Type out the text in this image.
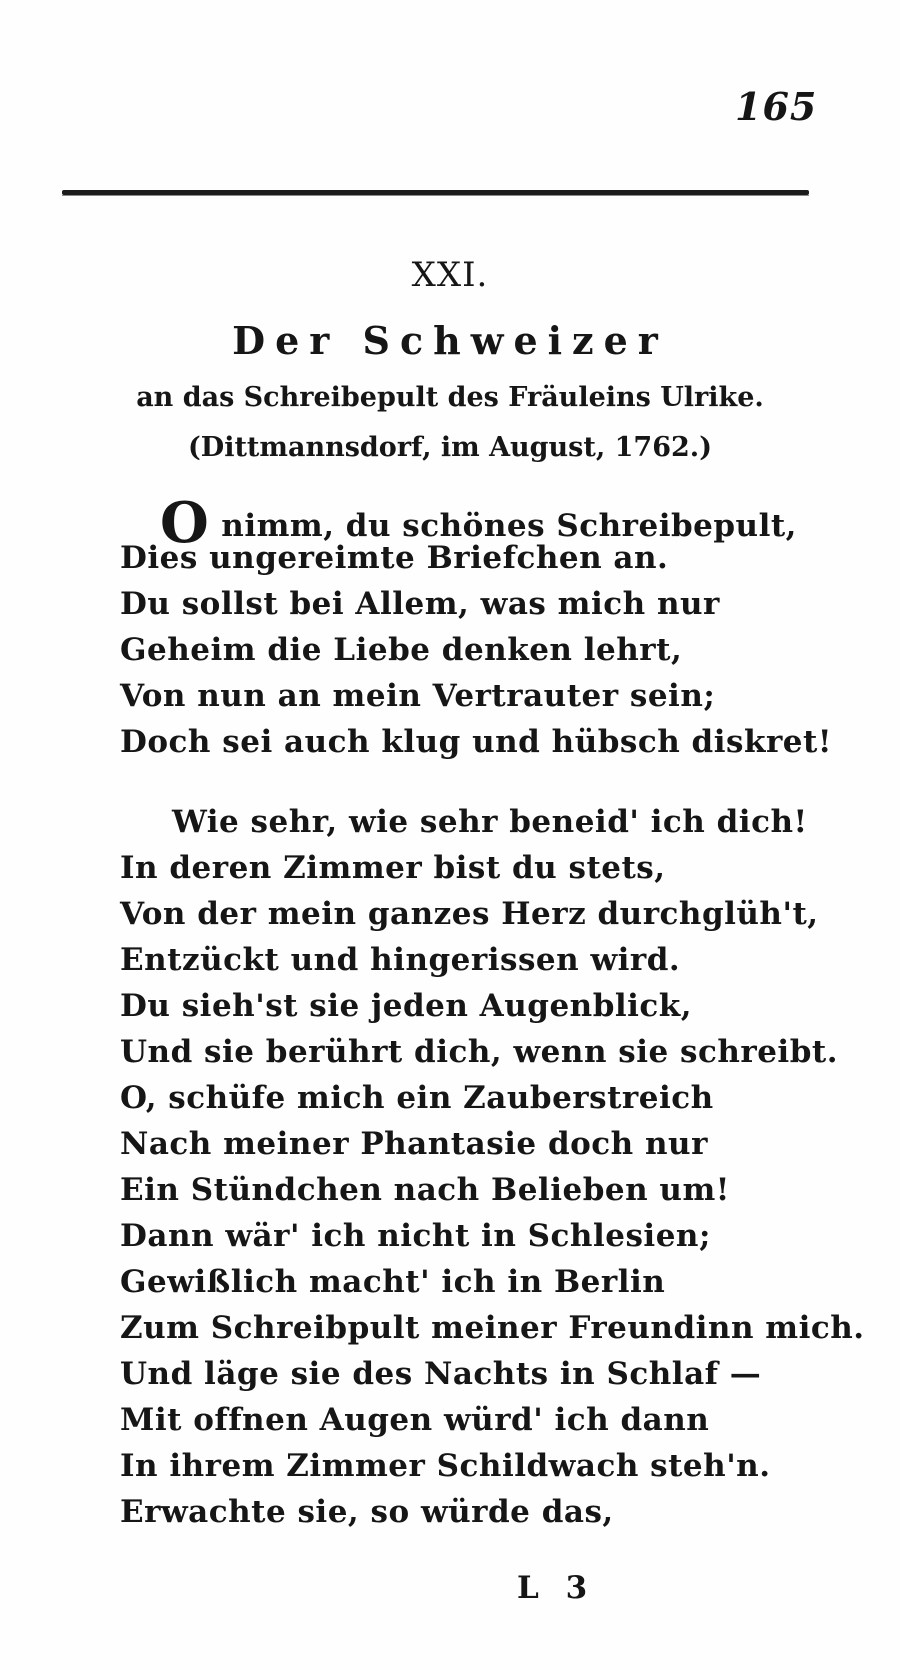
165
XXI.
Der Schweizer
an das Schreibepult des Fräuleins Ulrike.
(Dittmannsdorf, im August, 1762.)
Onimm, du schönes Schreibepult,
Dies ungereimte Briefchen an.
Du sollst bei Allem, was mich nur
Geheim die Liebe denken lehrt,
Von nun an mein Vertrauter sein;
Doch sei auch klug und hübsch diskret!
Wie sehr, wie sehr beneid' ich dich!
In deren Zimmer bist du stets,
Von der mein ganzes Herz durchglüh't,
Entzückt und hingerissen wird.
Du sieh'st sie jeden Augenblick,
Und sie berührt dich, wenn sie schreibt.
O, schüfe mich ein Zauberstreich
Nach meiner Phantasie doch nur
Ein Stündchen nach Belieben um!
Dann wär' ich nicht in Schlesien;
Gewißlich macht' ich in Berlin
Zum Schreibpult meiner Freundinn mich.
Und läge sie des Nachts in Schlaf —
Mit offnen Augen würd' ich dann
In ihrem Zimmer Schildwach steh'n.
Erwachte sie, so würde das,
L 3
